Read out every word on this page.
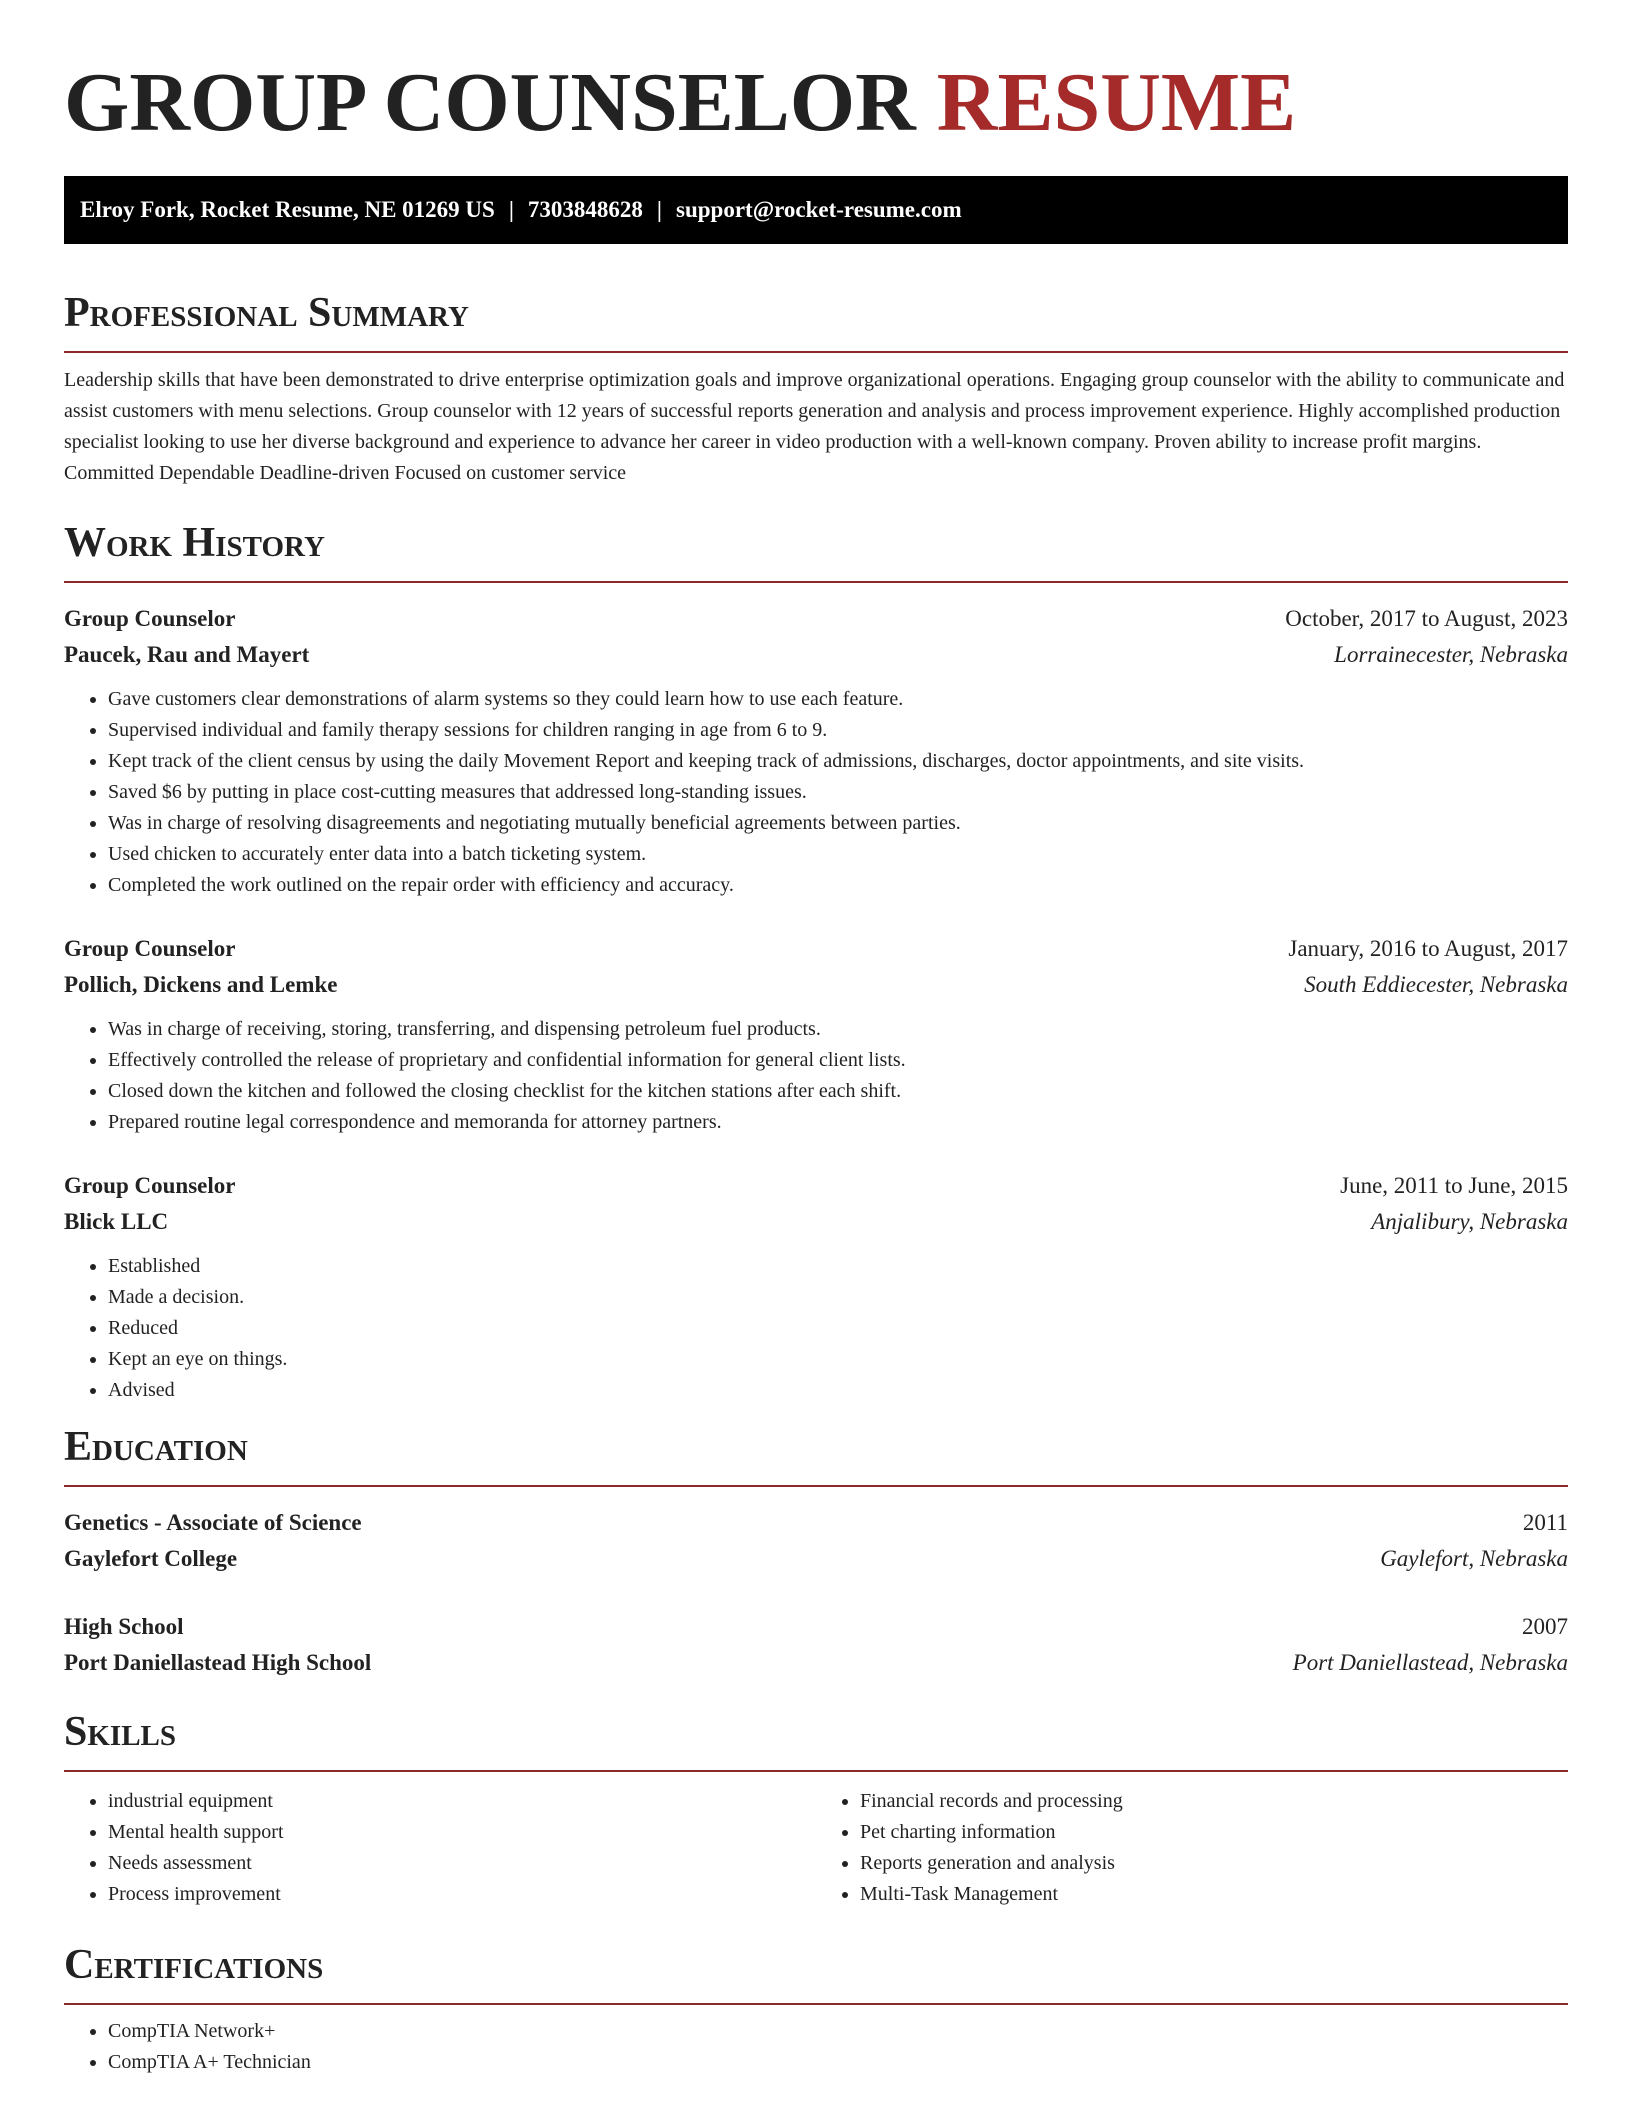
GROUP COUNSELOR RESUME
Elroy Fork, Rocket Resume, NE 01269 US | 7303848628 | support@rocket-resume.com
Professional Summary

Leadership skills that have been demonstrated to drive enterprise optimization goals and improve organizational operations. Engaging group counselor with the ability to communicate and assist customers with menu selections. Group counselor with 12 years of successful reports generation and analysis and process improvement experience. Highly accomplished production specialist looking to use her diverse background and experience to advance her career in video production with a well-known company. Proven ability to increase profit margins. Committed Dependable Deadline-driven Focused on customer service

Work History
Group Counselor	October, 2017 to August, 2023
Paucek, Rau and Mayert	Lorrainecester, Nebraska
• Gave customers clear demonstrations of alarm systems so they could learn how to use each feature.
• Supervised individual and family therapy sessions for children ranging in age from 6 to 9.
• Kept track of the client census by using the daily Movement Report and keeping track of admissions, discharges, doctor appointments, and site visits.
• Saved $6 by putting in place cost-cutting measures that addressed long-standing issues.
• Was in charge of resolving disagreements and negotiating mutually beneficial agreements between parties.
• Used chicken to accurately enter data into a batch ticketing system.
• Completed the work outlined on the repair order with efficiency and accuracy.
Group Counselor	January, 2016 to August, 2017
Pollich, Dickens and Lemke	South Eddiecester, Nebraska
• Was in charge of receiving, storing, transferring, and dispensing petroleum fuel products.
• Effectively controlled the release of proprietary and confidential information for general client lists.
• Closed down the kitchen and followed the closing checklist for the kitchen stations after each shift.
• Prepared routine legal correspondence and memoranda for attorney partners.
Group Counselor	June, 2011 to June, 2015
Blick LLC	Anjalibury, Nebraska
• Established
• Made a decision.
• Reduced
• Kept an eye on things.
• Advised
Education
Genetics - Associate of Science	2011
Gaylefort College	Gaylefort, Nebraska
High School	2007
Port Daniellastead High School	Port Daniellastead, Nebraska
Skills
• industrial equipment
• Mental health support
• Needs assessment
• Process improvement
• Financial records and processing
• Pet charting information
• Reports generation and analysis
• Multi-Task Management
Certifications
• CompTIA Network+
• CompTIA A+ Technician
